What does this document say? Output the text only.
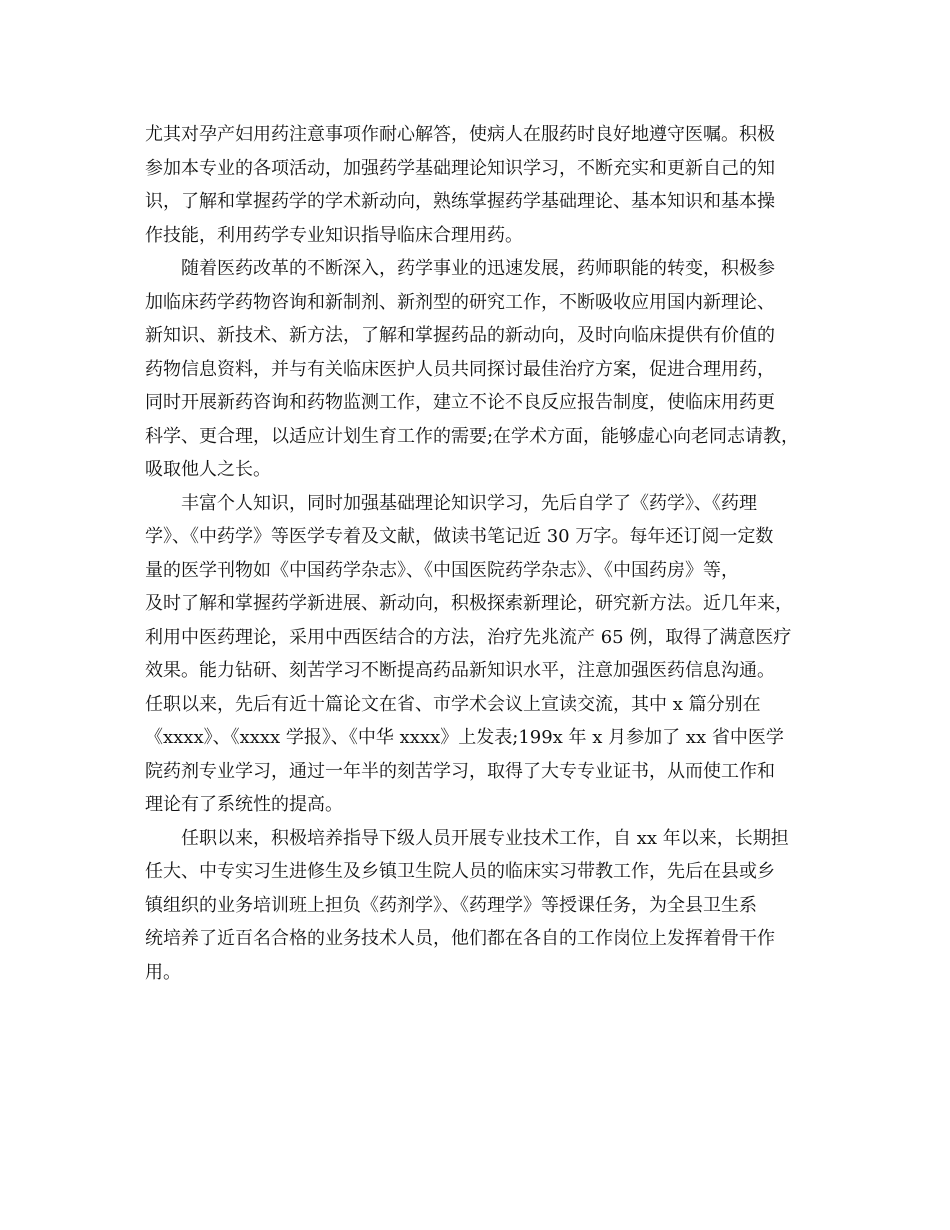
尤其对孕产妇用药注意事项作耐心解答，使病人在服药时良好地遵守医嘱。积极
参加本专业的各项活动，加强药学基础理论知识学习，不断充实和更新自己的知
识，了解和掌握药学的学术新动向，熟练掌握药学基础理论、基本知识和基本操
作技能，利用药学专业知识指导临床合理用药。
随着医药改革的不断深入，药学事业的迅速发展，药师职能的转变，积极参
加临床药学药物咨询和新制剂、新剂型的研究工作，不断吸收应用国内新理论、
新知识、新技术、新方法，了解和掌握药品的新动向，及时向临床提供有价值的
药物信息资料，并与有关临床医护人员共同探讨最佳治疗方案，促进合理用药，
同时开展新药咨询和药物监测工作，建立不论不良反应报告制度，使临床用药更
科学、更合理，以适应计划生育工作的需要;在学术方面，能够虚心向老同志请教，
吸取他人之长。
丰富个人知识，同时加强基础理论知识学习，先后自学了《药学》、《药理
学》、《中药学》等医学专着及文献，做读书笔记近 30 万字。每年还订阅一定数
量的医学刊物如《中国药学杂志》、《中国医院药学杂志》、《中国药房》等，
及时了解和掌握药学新进展、新动向，积极探索新理论，研究新方法。近几年来，
利用中医药理论，采用中西医结合的方法，治疗先兆流产 65 例，取得了满意医疗
效果。能力钻研、刻苦学习不断提高药品新知识水平，注意加强医药信息沟通。
任职以来，先后有近十篇论文在省、市学术会议上宣读交流，其中 x 篇分别在
《xxxx》、《xxxx 学报》、《中华 xxxx》上发表;199x 年 x 月参加了 xx 省中医学
院药剂专业学习，通过一年半的刻苦学习，取得了大专专业证书，从而使工作和
理论有了系统性的提高。
任职以来，积极培养指导下级人员开展专业技术工作，自 xx 年以来，长期担
任大、中专实习生进修生及乡镇卫生院人员的临床实习带教工作，先后在县或乡
镇组织的业务培训班上担负《药剂学》、《药理学》等授课任务，为全县卫生系
统培养了近百名合格的业务技术人员，他们都在各自的工作岗位上发挥着骨干作
用。
